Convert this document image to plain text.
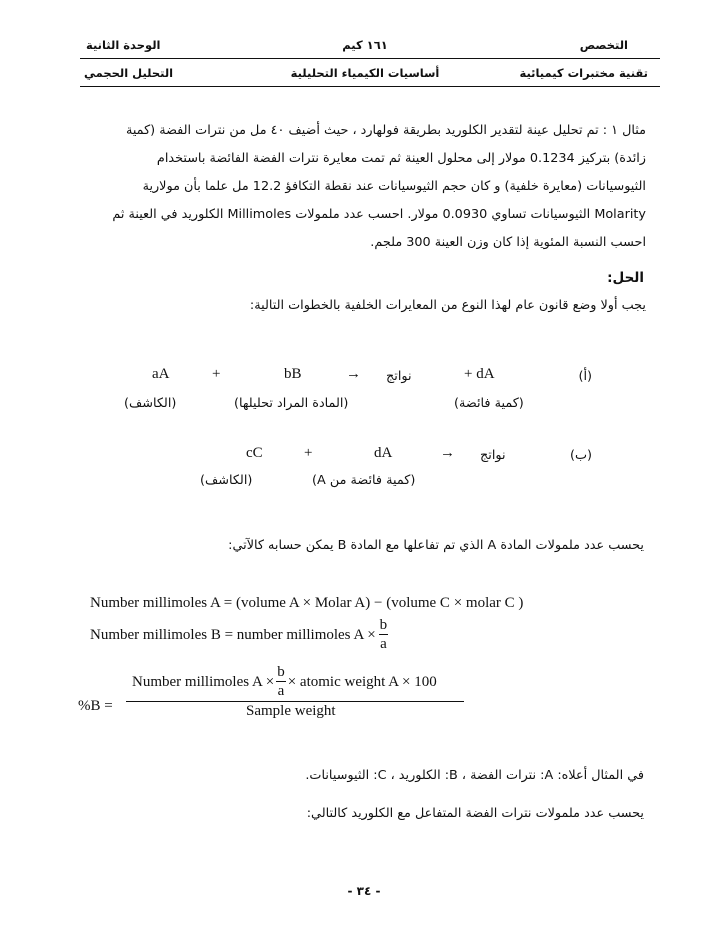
التخصص
١٦١ كيم
الوحدة الثانية
تقنية مختبرات كيميائية
أساسيات الكيمياء التحليلية
التحليل الحجمي
مثال ١ : تم تحليل عينة لتقدير الكلوريد بطريقة فولهارد ، حيث أضيف ٤٠ مل من نترات الفضة (كمية
زائدة) بتركيز 0.1234 مولار إلى محلول العينة ثم تمت معايرة نترات الفضة الفائضة باستخدام
الثيوسيانات (معايرة خلفية) و كان حجم الثيوسيانات عند نقطة التكافؤ 12.2 مل علما بأن مولارية
Molarity الثيوسيانات تساوي 0.0930 مولار. احسب عدد ملمولات Millimoles الكلوريد في العينة ثم
احسب النسبة المئوية إذا كان وزن العينة 300 ملجم.
الحل:
يجب أولا وضع قانون عام لهذا النوع من المعايرات الخلفية بالخطوات التالية:
(أ)
aA	+	bB	→ نواتج	+ dA
(الكاشف)	(المادة المراد تحليلها)	(كمية فائضة)
(ب)
cC	+	dA	→ نواتج
(الكاشف)	(كمية فائضة من A)
يحسب عدد ملمولات المادة A الذي تم تفاعلها مع المادة B يمكن حسابه كالآتي:
Number millimoles A = (volume A × Molar A) − (volume C × molar C )
Number millimoles B = number millimoles $A \times \frac{b}{a}$
%B =
Number millimoles $A \times \frac{b}{a}$ × atomic weight A × 100
Sample weight
في المثال أعلاه: A: نترات الفضة ، B: الكلوريد ، C: الثيوسيانات.
يحسب عدد ملمولات نترات الفضة المتفاعل مع الكلوريد كالتالي:
- ٣٤ -
